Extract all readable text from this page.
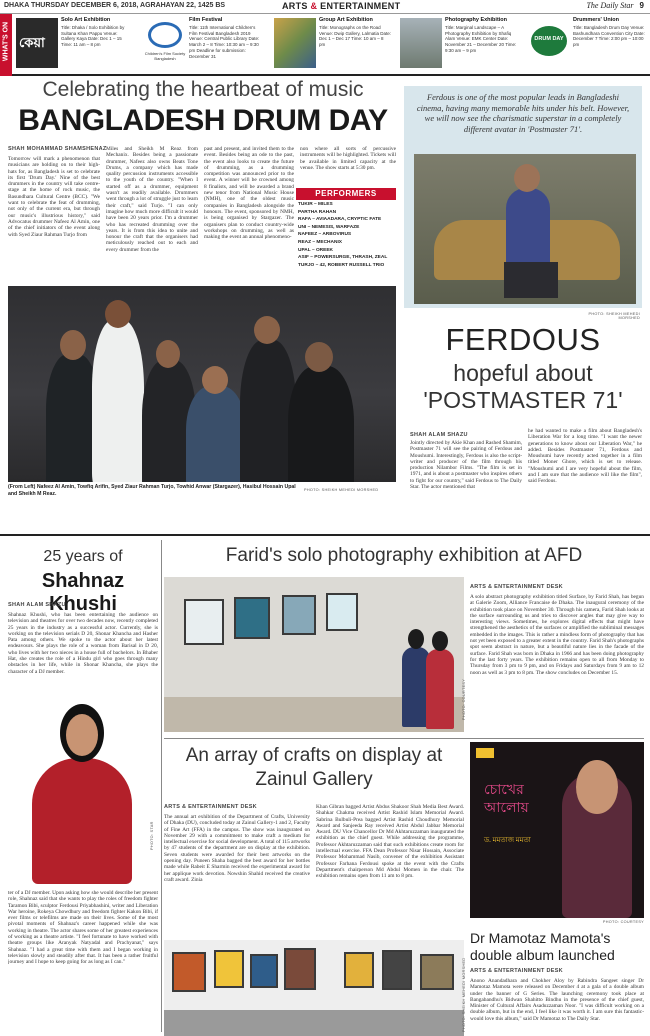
DHAKA THURSDAY DECEMBER 6, 2018, AGRAHAYAN 22, 1425 BS	ARTS & ENTERTAINMENT	The Daily Star 9
WHAT'S ON কেয়া
Solo Art Exhibition
Title: Dhaka / Solo Exhibition by Sultana Khan Pappu Venue: Gallery Kaya Date: Dec 1 – 15 Time: 11 am – 8 pm
Children's Film Society Bangladesh
Film Festival
Title: 11th International Children's Film Festival Bangladesh 2019 Venue: Central Public Library Date: March 2 – 8 Time: 10:30 am – 9:30 pm Deadline for submission: December 31
Group Art Exhibition
Title: Monographs on the Road Venue: Dwip Gallery, Lalmatia Date: Dec 1 – Dec 17 Time: 10 am – 8 pm
Photography Exhibition
Title: Marginal Landscape – A Photography Exhibition by Shafiq Alam Venue: EMK Center Date: November 21 – December 20 Time: 9:30 am – 9 pm
DRUM DAY
Drummers' Union
Title: Bangladesh Drum Day Venue: Bashundhara Convention City Date: December 7 Time: 2:00 pm – 10:00 pm
Celebrating the heartbeat of music
BANGLADESH DRUM DAY
SHAH MOHAMMAD SHAMSHENAZ
Tomorrow will mark a phenomenon that musicians are holding on to their high-hats for, as Bangladesh is set to celebrate its first 'Drum Day.' Nine of the best drummers in the country will take centre-stage at the home of rock music, the Basundhara Cultural Centre (BCC). "We want to celebrate the feat of drumming, not only of the current era, but through our music's illustrious history," said Advocatus drummer Nafeez Al Amin, one of the chief initiators of the event along with Syed Ziaur Rahman Turjo from
Miles and Sheikh M Reaz from Mechanix. Besides being a passionate drummer, Nafeez also owns Beats Tone Drums, a company which has made quality percussion instruments accessible to the youth of the country. "When I started off as a drummer, equipment wasn't as readily available. Drummers went through a lot of struggle just to learn their craft," said Turjo. "I can only imagine how much more difficult it would have been 20 years prior. I'm a drummer who has recreated drumming over the years. It is from this idea to unite and honour the craft that the organisers had meticulously reached out to each and every drummer from the
past and present, and invited them to the event. Besides being an ode to the past, the event also looks to create the future of drumming, as a drumming competition was announced prior to the event. A winner will be crowned among 8 finalists, and will be awarded a brand new tenor from National Music House (NMH), one of the oldest music companies in Bangladesh alongside the honours. The event, sponsored by NMH, is being organised by Stargazer. The organisers plan to conduct country-wide workshops on drumming, as well as making the event an annual phenomeno-
non where all sorts of percussive instruments will be highlighted. Tickets will be available in limited capacity at the venue. The show starts at 5:30 pm.
PERFORMERS
TUKIR – MILES
PARTHA RAHAN
RAFA – AVIAADARA, CRYPTIC FATE
UNI – NEMESIS, WARFAZE
NAFEEZ – ARBOVIRUS
REAZ – MECHANIX
UPAL – OREEK
ASIF – POWERSURGE, THRASH, ZEAL
TURJO – 42, ROBERT RUSSELL TRIO
(From Left) Nafeez Al Amin, Towfiq Arifin, Syed Ziaur Rahman Turjo, Towhid Anwar (Stargazer), Hasibul Hossain Upal and Sheikh M Reaz.
PHOTO: SHEIKH MEHEDI MORSHED

Ferdous is one of the most popular leads in Bangladeshi cinema, having many memorable hits under his belt. However, we will now see the charismatic superstar in a completely different avatar in 'Postmaster 71'.

PHOTO: SHEIKH MEHEDI MORSHED
FERDOUS
hopeful about 'POSTMASTER 71'
SHAH ALAM SHAZU
Jointly directed by Akie Khan and Rashed Shamim, Postmaster 71 will see the pairing of Ferdous and Moushumi. Interestingly, Ferdous is also the script-writer and producer of the film through his production Nilambor Films. "The film is set in 1971, and is about a postmaster who inspires others to fight for our country," said Ferdous to The Daily Star. The actor mentioned that
he had wanted to make a film about Bangladesh's Liberation War for a long time. "I want the newer generations to know about our Liberation War," he added. Besides Postmaster 71, Ferdous and Moushumi have recently acted together in a film titled Moner Ghore, which is set to release. "Moushumi and I are very hopeful about the film, and I am sure that the audience will like the film", said Ferdous.
25 years of
Shahnaz Khushi
SHAH ALAM SHAZU
Shahnaz Khushi, who has been entertaining the audience on television and theatres for over two decades now, recently completed 25 years in the industry as a successful actor. Currently, she is working on the television serials D 20, Shonar Khancha and Hasher Pata among others. We spoke to the actor about her latest endeavours. She plays the role of a woman from Barisal in D 20, who lives with her two nieces in a house full of bachelors. In Bhaber Hat, she creates the role of a Hindu girl who goes through many obstacles in her life, while in Shonar Khancha, she plays the character of a DJ member.
PHOTO: STAR
ter of a DJ member. Upon asking how she would describe her present role, Shahnaz said that she wants to play the roles of freedom fighter Taramon Bibi, sculptor Ferdousi Priyabhashini, writer and Liberation War heroine, Rokeya Chowdhury and freedom fighter Kakon Bibi, if ever films or telefilms are made on their lives. Some of the most pivotal moments of Shahnaz's career happened while she was working in theatre. The actor shares some of her greatest experiences of working as a theatre artiste. "I feel fortunate to have worked with theatre groups like Aranyak Natyadal and Prachyanat," says Shahnaz. "I had a great time with them and I began working in television slowly and steadily after that. It has been a rather fruitful journey and I hope to keep going for as long as I can."
Farid's solo photography exhibition at AFD
PHOTO: COURTESY
ARTS & ENTERTAINMENT DESK
A solo abstract photography exhibition titled Surface, by Farid Shah, has begun at Galerie Zoom, Alliance Francaise de Dhaka. The inaugural ceremony of the exhibition took place on November 30. Through his camera, Farid Shah looks at the surface surrounding us and tries to discover angles that may give way to interesting views. Sometimes, he explores digital effects that might have strengthened the aesthetics of the surfaces or amplified the subliminal messages embedded in the images. This is rather a mindless form of photography that has not yet been exposed to a greater extent in the country. Farid Shah's photographs spot seem abstract in nature, but a beautiful nature lies in the facade of the surface. Farid Shah was born in Dhaka in 1966 and has been doing photography for the last forty years. The exhibition remains open to all from Monday to Thursday from 3 pm to 9 pm, and on Fridays and Saturdays from 9 am to 12 noon as well as 3 pm to 8 pm. The show concludes on December 15.
An array of crafts on display at Zainul Gallery
ARTS & ENTERTAINMENT DESK
The annual art exhibition of the Department of Crafts, University of Dhaka (DU), concluded today at Zainul Gallery-1 and 2, Faculty of Fine Art (FFA) in the campus. The show was inaugurated on November 29 with a commitment to make craft a medium for intellectual exercise for social development. A total of 115 artworks by 47 students of the department are on display at the exhibition. Seven students were awarded for their best artworks on the opening day. Puneen Shaha bagged the best award for her bottles made while Rabeit E Sharmin received the experimental award for her applique work devotion. Nowshin Shahid received the creative craft award. Zinia
Khan Gibran bagged Artist Abdus Shakoor Shah Media Best Award. Shahkar Chakma received Artist Rashid Islam Memorial Award. Sabrina Bulbuli-Prea bagged Artist Rashid Choudhury Memorial Award and Sanjeeda Ray received Artist Abdul Jabbar Memorial Award. DU Vice Chancellor Dr Md Akhtaruzzaman inaugurated the exhibition as the chief guest. While addressing the programme, Professor Akhtaruzzaman said that such exhibitions create room for intellectual exercise. FFA Dean Professor Nisar Hossain, Associate Professor Mohammad Nasib, convener of the exhibition Assistant Professor Farhana Ferdousi spoke at the event with the Crafts Department's chairperson Md Abdul Momen in the chair. The exhibition remains open from 11 am to 8 pm.
PHOTO: SHEIKH MEHEDI MORSHED
চোখের আলোয়
ড. মমতাজ মমতা
PHOTO: COURTESY
Dr Mamotaz Mamota's double album launched
ARTS & ENTERTAINMENT DESK
Anono Anandadhara and Chokher Aloy by Rabindra Sangeet singer Dr Mamotaz Mamota were released on December 4 at a gala of a double album under the banner of G Series. The launching ceremony took place at Bangabandhu's Bidwan Shahitto Bindhu in the presence of the chief guest, Minister of Cultural Affairs Asaduzzaman Noor. "I was difficult working on a double album, but in the end, I feel like it was worth it. I am sure this fantastic-would love this album," said Dr Mamotaz to The Daily Star.
